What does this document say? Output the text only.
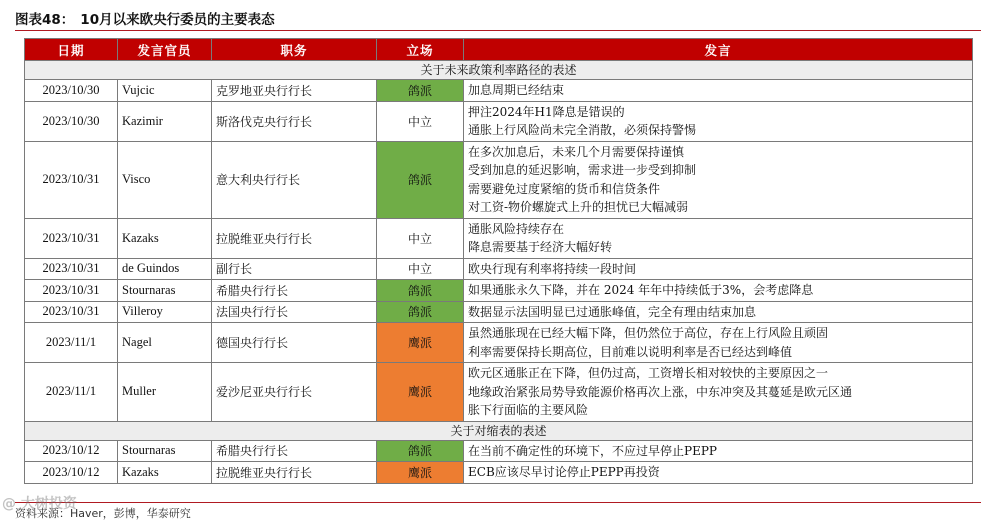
图表48： 10月以来欧央行委员的主要表态
日期	发言官员	职务	立场	发言
关于未来政策利率路径的表述				
2023/10/30	Vujcic	克罗地亚央行行长	鸽派	加息周期已经结束

2023/10/30	Kazimir	斯洛伐克央行行长	中立	押注2024年H1降息是错误的
通胀上行风险尚未完全消散，必须保持警惕

2023/10/31	Visco	意大利央行行长	鸽派	在多次加息后，未来几个月需要保持谨慎
受到加息的延迟影响，需求进一步受到抑制
需要避免过度紧缩的货币和信贷条件
对工资-物价螺旋式上升的担忧已大幅减弱

2023/10/31	Kazaks	拉脱维亚央行行长	中立	通胀风险持续存在
降息需要基于经济大幅好转

2023/10/31	de Guindos	副行长	中立	欧央行现有利率将持续一段时间

2023/10/31	Stournaras	希腊央行行长	鸽派	如果通胀永久下降，并在 2024 年年中持续低于3%，会考虑降息

2023/10/31	Villeroy	法国央行行长	鸽派	数据显示法国明显已过通胀峰值，完全有理由结束加息

2023/11/1	Nagel	德国央行行长	鹰派	虽然通胀现在已经大幅下降，但仍然位于高位，存在上行风险且顽固
利率需要保持长期高位，目前难以说明利率是否已经达到峰值

2023/11/1	Muller	爱沙尼亚央行行长	鹰派	欧元区通胀正在下降，但仍过高，工资增长相对较快的主要原因之一
地缘政治紧张局势导致能源价格再次上涨，中东冲突及其蔓延是欧元区通
胀下行面临的主要风险

关于对缩表的表述				
2023/10/12	Stournaras	希腊央行行长	鸽派	在当前不确定性的环境下，不应过早停止PEPP

2023/10/12	Kazaks	拉脱维亚央行行长	鹰派	ECB应该尽早讨论停止PEPP再投资
资料来源：Haver，彭博，华泰研究
@ 大树投资
